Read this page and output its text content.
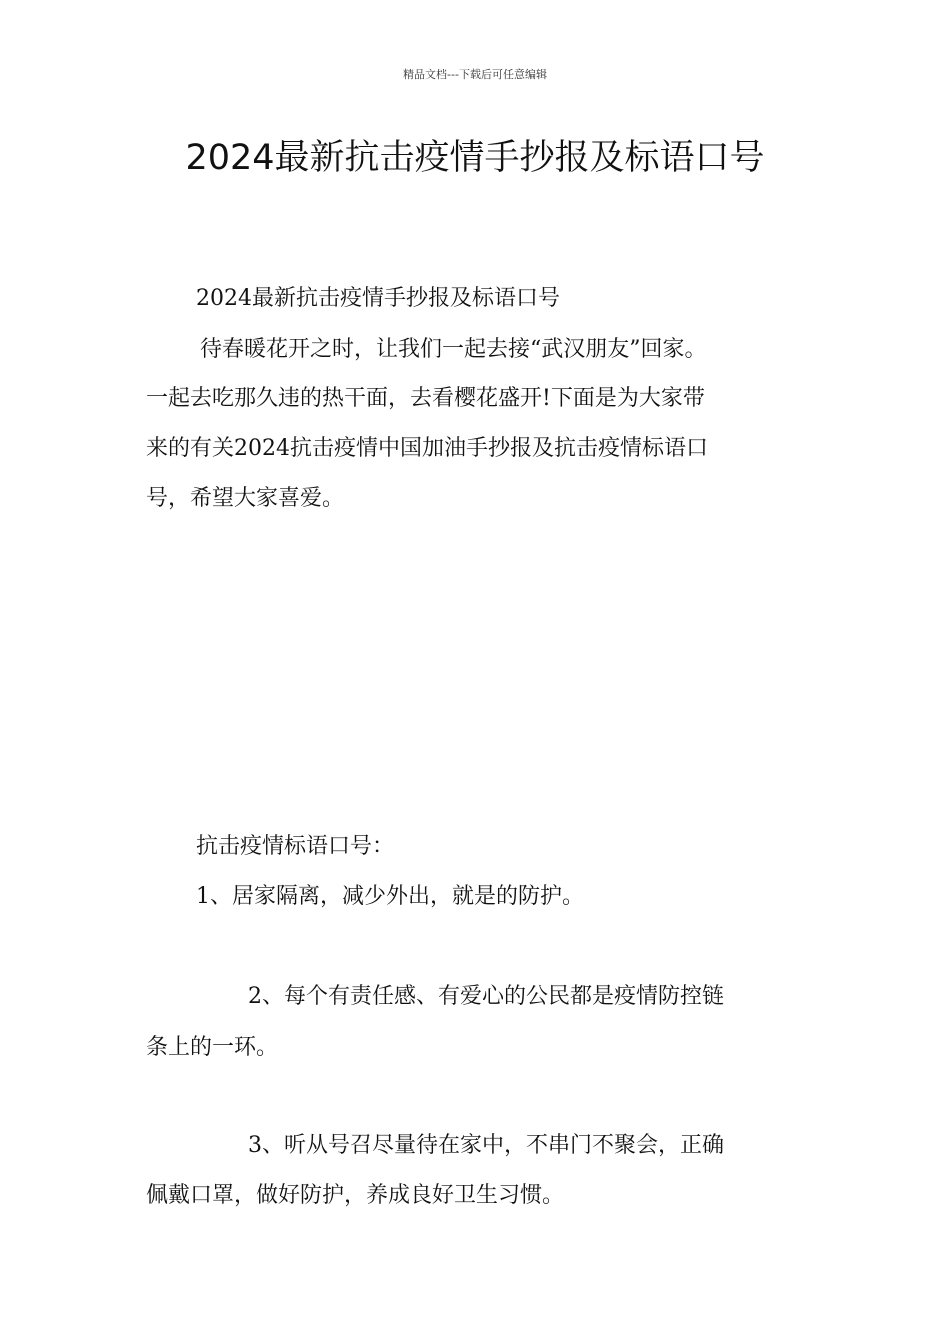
精品文档---下载后可任意编辑
2024最新抗击疫情手抄报及标语口号
2024最新抗击疫情手抄报及标语口号
待春暖花开之时，让我们一起去接“武汉朋友”回家。
一起去吃那久违的热干面，去看樱花盛开!下面是为大家带
来的有关2024抗击疫情中国加油手抄报及抗击疫情标语口
号，希望大家喜爱。
抗击疫情标语口号：
1、居家隔离，减少外出，就是的防护。
2、每个有责任感、有爱心的公民都是疫情防控链
条上的一环。
3、听从号召尽量待在家中，不串门不聚会，正确
佩戴口罩，做好防护，养成良好卫生习惯。
